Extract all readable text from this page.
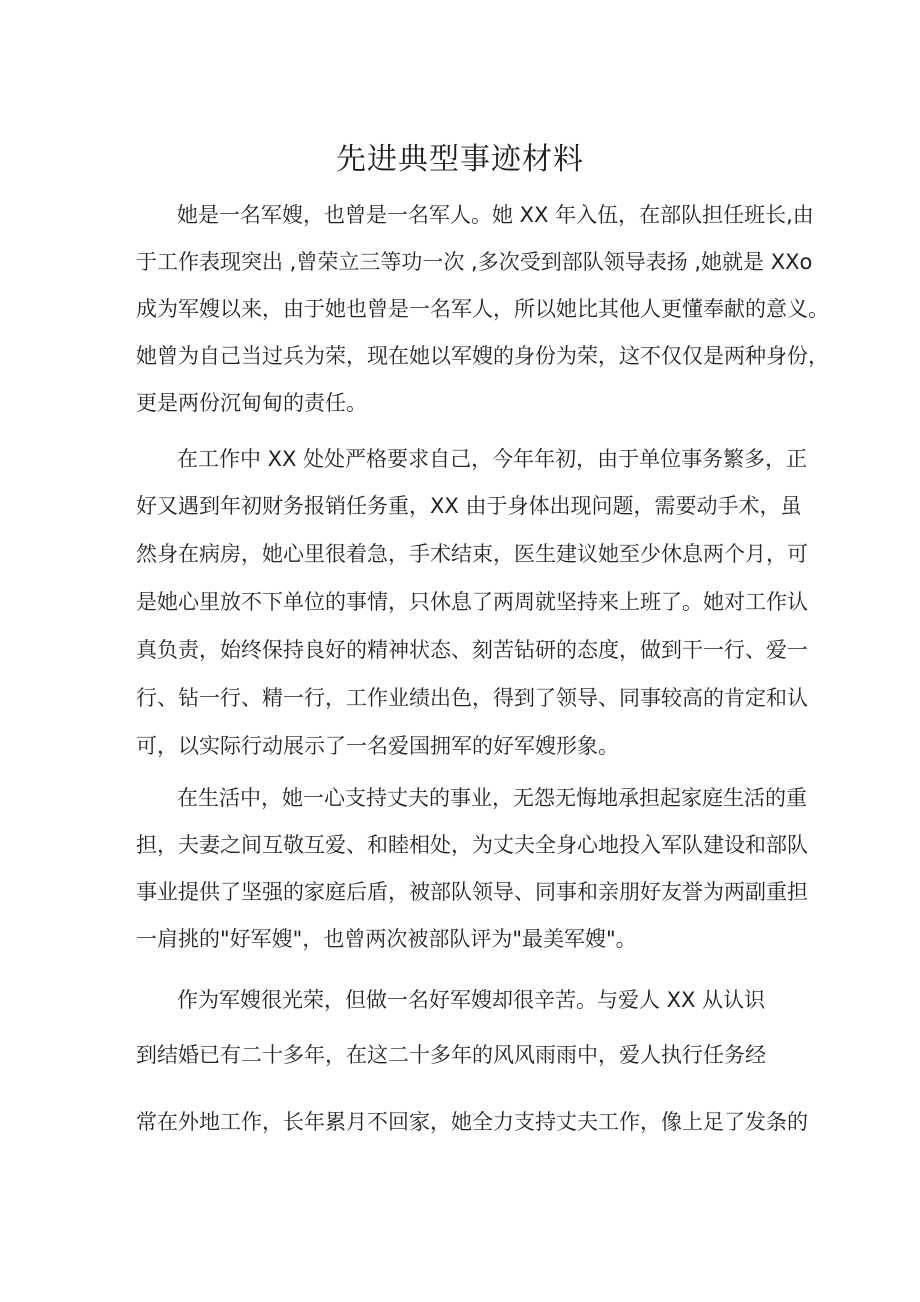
先进典型事迹材料
她是一名军嫂，也曾是一名军人。她 XX 年入伍，在部队担任班长,由
于工作表现突出 ,曾荣立三等功一次 ,多次受到部队领导表扬 ,她就是 XXo
成为军嫂以来，由于她也曾是一名军人，所以她比其他人更懂奉献的意义。
她曾为自己当过兵为荣，现在她以军嫂的身份为荣，这不仅仅是两种身份，
更是两份沉甸甸的责任。
在工作中 XX 处处严格要求自己，今年年初，由于单位事务繁多，正
好又遇到年初财务报销任务重，XX 由于身体出现问题，需要动手术，虽
然身在病房，她心里很着急，手术结束，医生建议她至少休息两个月，可
是她心里放不下单位的事情，只休息了两周就坚持来上班了。她对工作认
真负责，始终保持良好的精神状态、刻苦钻研的态度，做到干一行、爱一
行、钻一行、精一行，工作业绩出色，得到了领导、同事较高的肯定和认
可，以实际行动展示了一名爱国拥军的好军嫂形象。
在生活中，她一心支持丈夫的事业，无怨无悔地承担起家庭生活的重
担，夫妻之间互敬互爱、和睦相处，为丈夫全身心地投入军队建设和部队
事业提供了坚强的家庭后盾，被部队领导、同事和亲朋好友誉为两副重担
一肩挑的"好军嫂"，也曾两次被部队评为"最美军嫂"。
作为军嫂很光荣，但做一名好军嫂却很辛苦。与爱人 XX 从认识
到结婚已有二十多年，在这二十多年的风风雨雨中，爱人执行任务经
常在外地工作，长年累月不回家，她全力支持丈夫工作，像上足了发条的
